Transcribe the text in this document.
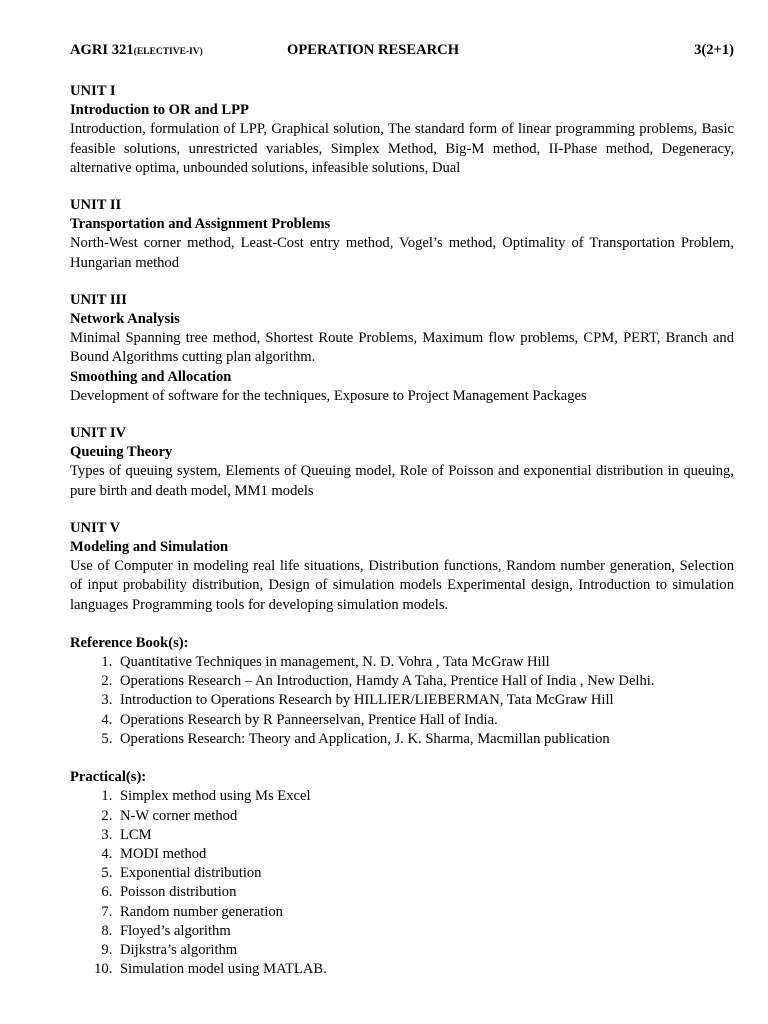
AGRI 321(ELECTIVE-IV)	OPERATION RESEARCH	3(2+1)
UNIT I
Introduction to OR and LPP
Introduction, formulation of LPP, Graphical solution, The standard form of linear programming problems, Basic feasible solutions, unrestricted variables, Simplex Method, Big-M method, II-Phase method, Degeneracy, alternative optima, unbounded solutions, infeasible solutions, Dual
UNIT II
Transportation and Assignment Problems
North-West corner method, Least-Cost entry method, Vogel’s method, Optimality of Transportation Problem, Hungarian method
UNIT III
Network Analysis
Minimal Spanning tree method, Shortest Route Problems, Maximum flow problems, CPM, PERT, Branch and Bound Algorithms cutting plan algorithm.
Smoothing and Allocation
Development of software for the techniques, Exposure to Project Management Packages
UNIT IV
Queuing Theory
Types of queuing system, Elements of Queuing model, Role of Poisson and exponential distribution in queuing, pure birth and death model, MM1 models
UNIT V
Modeling and Simulation
Use of Computer in modeling real life situations, Distribution functions, Random number generation, Selection of input probability distribution, Design of simulation models Experimental design, Introduction to simulation languages Programming tools for developing simulation models.
Reference Book(s):
1. Quantitative Techniques in management, N. D. Vohra , Tata McGraw Hill
2. Operations Research – An Introduction, Hamdy A Taha, Prentice Hall of India , New Delhi.
3. Introduction to Operations Research by HILLIER/LIEBERMAN, Tata McGraw Hill
4. Operations Research by R Panneerselvan, Prentice Hall of India.
5. Operations Research: Theory and Application, J. K. Sharma, Macmillan publication
Practical(s):
1. Simplex method using Ms Excel
2. N-W corner method
3. LCM
4. MODI method
5. Exponential distribution
6. Poisson distribution
7. Random number generation
8. Floyed’s algorithm
9. Dijkstra’s algorithm
10. Simulation model using MATLAB.
